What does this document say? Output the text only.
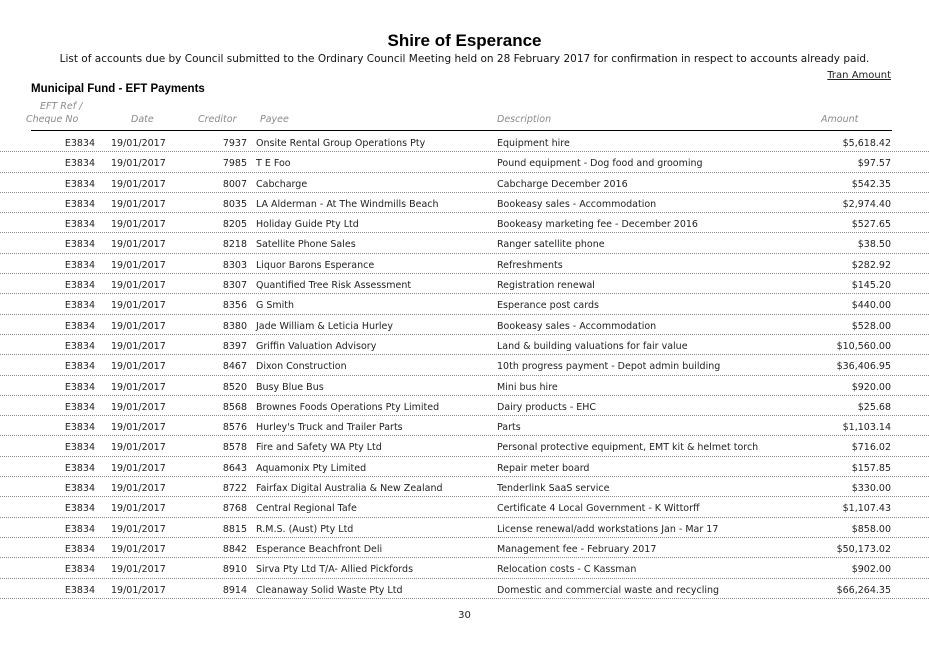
Shire of Esperance
List of accounts due by Council submitted to the Ordinary Council Meeting held on 28 February 2017 for confirmation in respect to accounts already paid.
Tran Amount
Municipal Fund - EFT Payments
EFT Ref /
Cheque No	Date	Creditor Payee	Description	Amount
E3834 19/01/2017	7937 Onsite Rental Group Operations Pty	Equipment hire	$5,618.42
E3834 19/01/2017	7985 T E Foo	Pound equipment - Dog food and grooming	$97.57
E3834 19/01/2017	8007 Cabcharge	Cabcharge December 2016	$542.35
E3834 19/01/2017	8035 LA Alderman - At The Windmills Beach	Bookeasy sales - Accommodation	$2,974.40
E3834 19/01/2017	8205 Holiday Guide Pty Ltd	Bookeasy marketing fee - December 2016	$527.65
E3834 19/01/2017	8218 Satellite Phone Sales	Ranger satellite phone	$38.50
E3834 19/01/2017	8303 Liquor Barons Esperance	Refreshments	$282.92
E3834 19/01/2017	8307 Quantified Tree Risk Assessment	Registration renewal	$145.20
E3834 19/01/2017	8356 G Smith	Esperance post cards	$440.00
E3834 19/01/2017	8380 Jade William & Leticia Hurley	Bookeasy sales - Accommodation	$528.00
E3834 19/01/2017	8397 Griffin Valuation Advisory	Land & building valuations for fair value	$10,560.00
E3834 19/01/2017	8467 Dixon Construction	10th progress payment - Depot admin building	$36,406.95
E3834 19/01/2017	8520 Busy Blue Bus	Mini bus hire	$920.00
E3834 19/01/2017	8568 Brownes Foods Operations Pty Limited	Dairy products - EHC	$25.68
E3834 19/01/2017	8576 Hurley's Truck and Trailer Parts	Parts	$1,103.14
E3834 19/01/2017	8578 Fire and Safety WA Pty Ltd	Personal protective equipment, EMT kit & helmet torch	$716.02
E3834 19/01/2017	8643 Aquamonix Pty Limited	Repair meter board	$157.85
E3834 19/01/2017	8722 Fairfax Digital Australia & New Zealand	Tenderlink SaaS service	$330.00
E3834 19/01/2017	8768 Central Regional Tafe	Certificate 4 Local Government - K Wittorff	$1,107.43
E3834 19/01/2017	8815 R.M.S. (Aust) Pty Ltd	License renewal/add workstations Jan - Mar 17	$858.00
E3834 19/01/2017	8842 Esperance Beachfront Deli	Management fee - February 2017	$50,173.02
E3834 19/01/2017	8910 Sirva Pty Ltd T/A- Allied Pickfords	Relocation costs - C Kassman	$902.00
E3834 19/01/2017	8914 Cleanaway Solid Waste Pty Ltd	Domestic and commercial waste and recycling	$66,264.35
30
